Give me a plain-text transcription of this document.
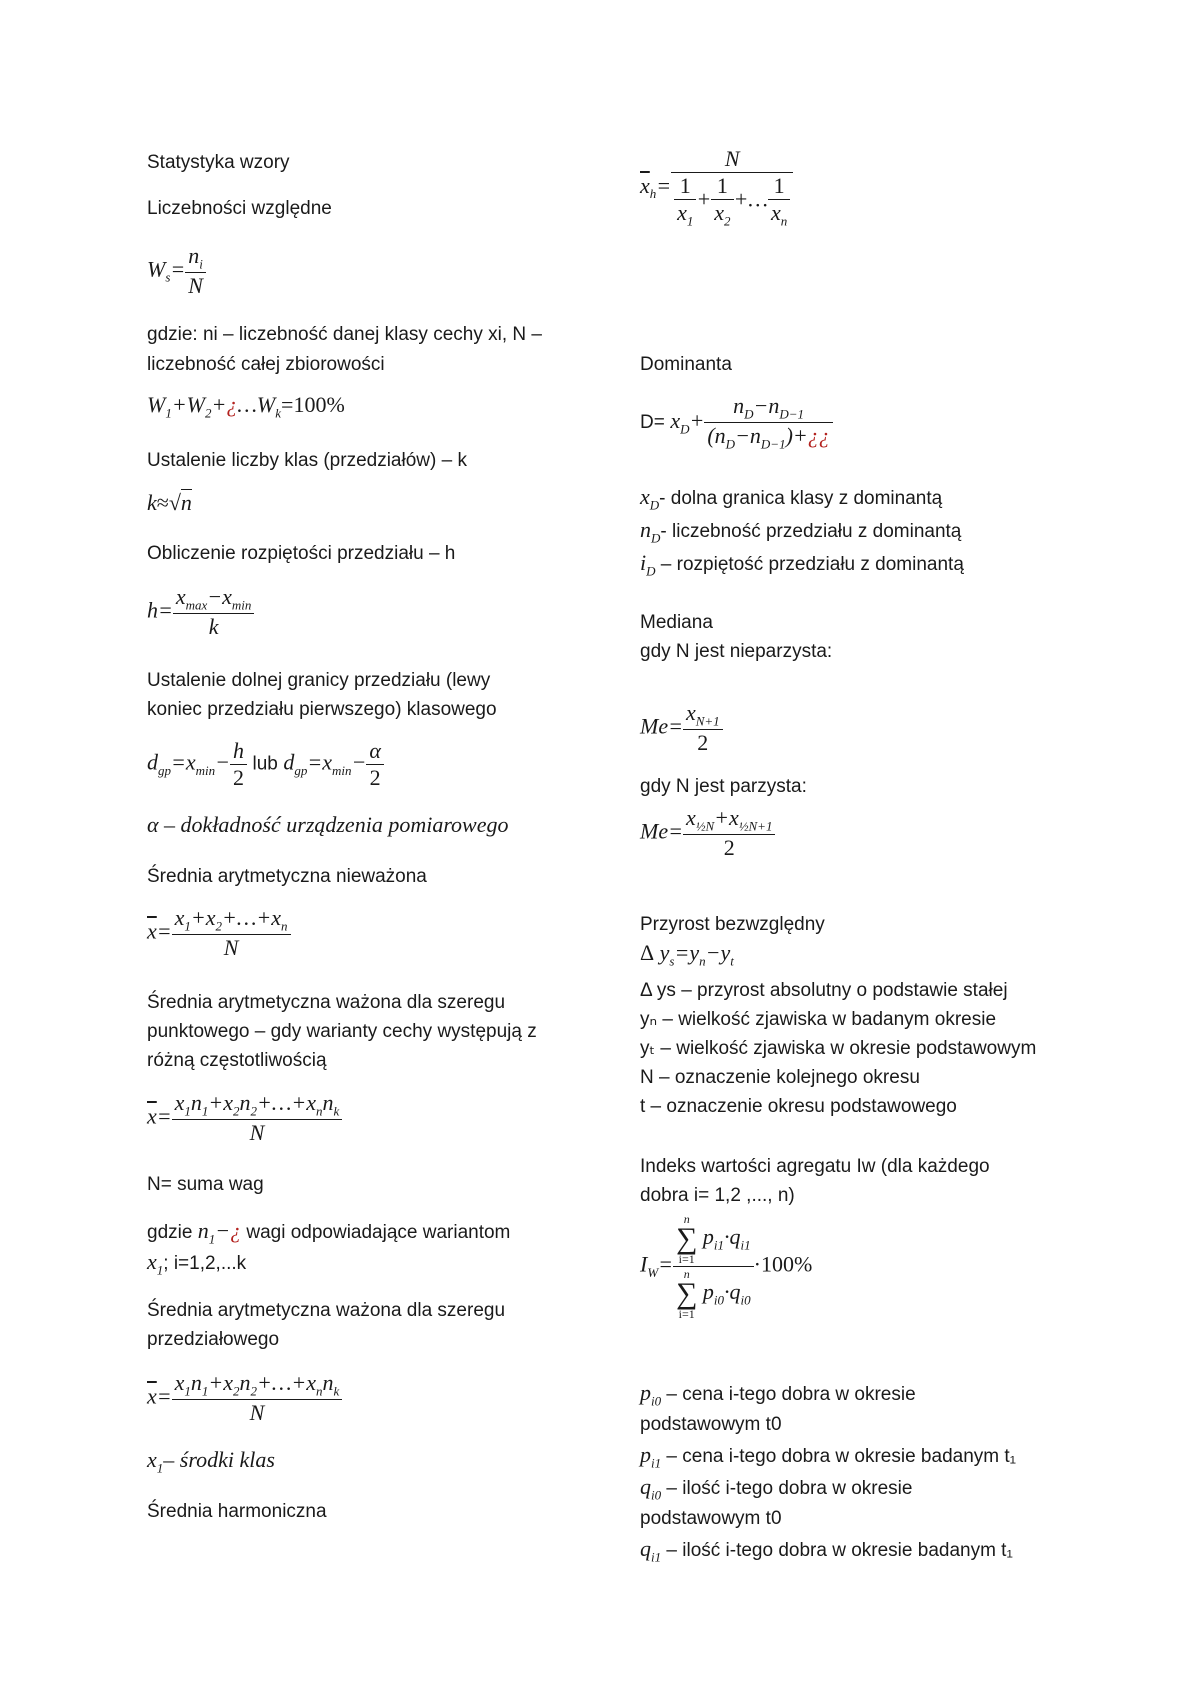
Statystyka wzory
Liczebności względne
$W_s= \frac{n_i}{N}$
gdzie: ni – liczebność danej klasy cechy xi, N –
liczebność całej zbiorowości
$W_1+W_2+¿\dots W_k=100\%$
Ustalenie liczby klas (przedziałów) – k
k≈√n
Obliczenie rozpiętości przedziału – h
$h= \frac{x_{max}-x_{min}}{k}$
Ustalenie dolnej granicy przedziału (lewy
koniec przedziału pierwszego) klasowego
$d_{gp}=x_{min}- \frac{h}{2}$ lub $d_{gp}=x_{min}- \frac{\alpha}{2}$
α – dokładność urządzenia pomiarowego
Średnia arytmetyczna nieważona
$\overline{x}= \frac{x_1+x_2+\dots+x_n}{N}$
Średnia arytmetyczna ważona dla szeregu
punktowego – gdy warianty cechy występują z
różną częstotliwością
$\overline{x}= \frac{x_1n_1+x_2n_2+\dots+x_nn_k}{N}$
N= suma wag
gdzie $n_1-¿$ wagi odpowiadające wariantom
$x_1$; i=1,2,...k
Średnia arytmetyczna ważona dla szeregu
przedziałowego
$\overline{x}= \frac{x_1n_1+x_2n_2+\dots+x_nn_k}{N}$
$x_1-$ środki klas
Średnia harmoniczna
$\overline{x}_h= \frac{N}{\frac{1}{x_1} + \frac{1}{x_2} +\dots \frac{1}{x_n}}$
Dominanta
$D= x_D+ \frac{n_D-n_{D-1}}{(n_D-n_{D-1})+¿¿}$
$x_D-$ dolna granica klasy z dominantą
$n_D-$ liczebność przedziału z dominantą
$i_D$ – rozpiętość przedziału z dominantą
Mediana
gdy N jest nieparzysta:
$Me= \frac{x_{N+1}}{2}$
gdy N jest parzysta:
$Me= \frac{x_{\frac{1}{2}N}+x_{\frac{1}{2}N+1}}{2}$
Przyrost bezwzględny
Δ $y_s=y_n-y_t$
Δ ys – przyrost absolutny o podstawie stałej
yₙ – wielkość zjawiska w badanym okresie
yₜ – wielkość zjawiska w okresie podstawowym
N – oznaczenie kolejnego okresu
t – oznaczenie okresu podstawowego
Indeks wartości agregatu Iw (dla każdego
dobra i= 1,2 ,..., n)
$I_W= n$
∑
i=1
$p_{i1}\cdot q_{i1}$
n
∑
i=1
$p_{i0}\cdot q_{i0} \cdot 100\%$
$p_{i0}$ – cena i-tego dobra w okresie
podstawowym t0
$p_{i1}$ – cena i-tego dobra w okresie badanym t₁
$q_{i0}$ – ilość i-tego dobra w okresie
podstawowym t0
$q_{i1}$ – ilość i-tego dobra w okresie badanym t₁
